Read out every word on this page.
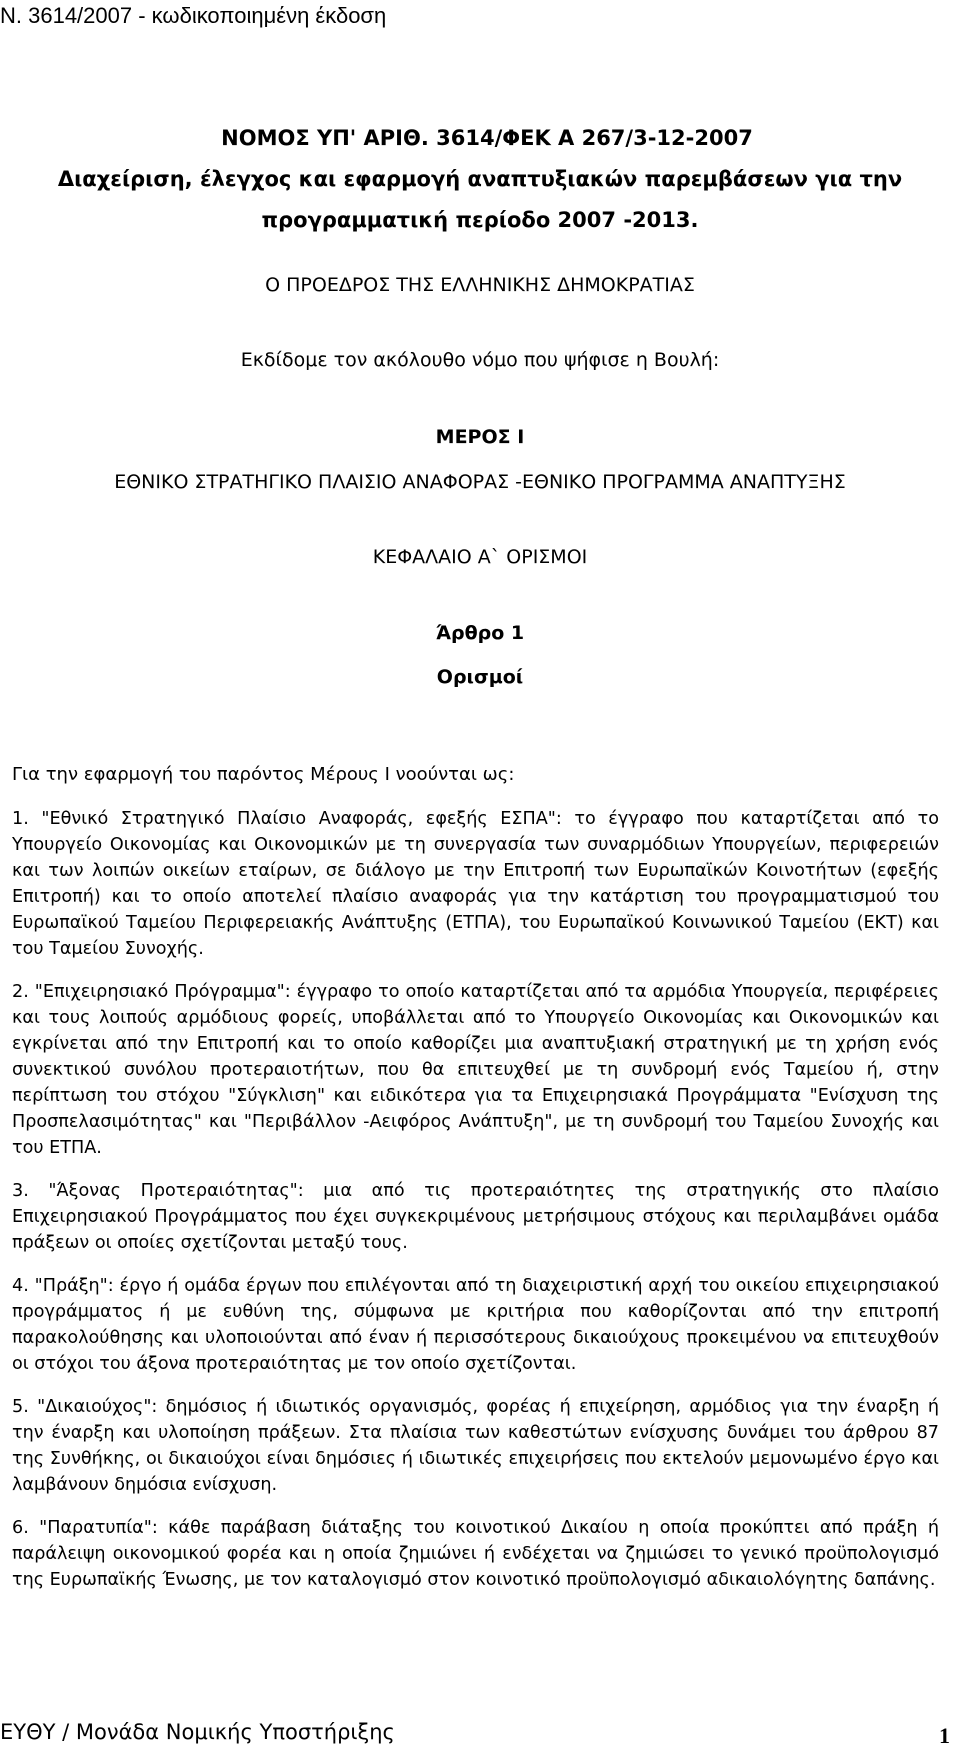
Ν. 3614/2007 - κωδικοποιημένη έκδοση
ΝΟΜΟΣ ΥΠ' ΑΡΙΘ. 3614/ΦΕΚ Α 267/3-12-2007
Διαχείριση, έλεγχος και εφαρμογή αναπτυξιακών παρεμβάσεων για την
προγραμματική περίοδο 2007 -2013.
Ο ΠΡΟΕΔΡΟΣ ΤΗΣ ΕΛΛΗΝΙΚΗΣ ΔΗΜΟΚΡΑΤΙΑΣ
Εκδίδομε τον ακόλουθο νόμο που ψήφισε η Βουλή:
ΜΕΡΟΣ Ι
ΕΘΝΙΚΟ ΣΤΡΑΤΗΓΙΚΟ ΠΛΑΙΣΙΟ ΑΝΑΦΟΡΑΣ -ΕΘΝΙΚΟ ΠΡΟΓΡΑΜΜΑ ΑΝΑΠΤΥΞΗΣ
ΚΕΦΑΛΑΙΟ Α` ΟΡΙΣΜΟΙ
Άρθρο 1
Ορισμοί
Για την εφαρμογή του παρόντος Μέρους Ι νοούνται ως:

1. "Εθνικό Στρατηγικό Πλαίσιο Αναφοράς, εφεξής ΕΣΠΑ": το έγγραφο που καταρτίζεται από το Υπουργείο Οικονομίας και Οικονομικών με τη συνεργασία των συναρμόδιων Υπουργείων, περιφερειών και των λοιπών οικείων εταίρων, σε διάλογο με την Επιτροπή των Ευρωπαϊκών Κοινοτήτων (εφεξής Επιτροπή) και το οποίο αποτελεί πλαίσιο αναφοράς για την κατάρτιση του προγραμματισμού του Ευρωπαϊκού Ταμείου Περιφερειακής Ανάπτυξης (ΕΤΠΑ), του Ευρωπαϊκού Κοινωνικού Ταμείου (ΕΚΤ) και του Ταμείου Συνοχής.

2. "Επιχειρησιακό Πρόγραμμα": έγγραφο το οποίο καταρτίζεται από τα αρμόδια Υπουργεία, περιφέρειες και τους λοιπούς αρμόδιους φορείς, υποβάλλεται από το Υπουργείο Οικονομίας και Οικονομικών και εγκρίνεται από την Επιτροπή και το οποίο καθορίζει μια αναπτυξιακή στρατηγική με τη χρήση ενός συνεκτικού συνόλου προτεραιοτήτων, που θα επιτευχθεί με τη συνδρομή ενός Ταμείου ή, στην περίπτωση του στόχου "Σύγκλιση" και ειδικότερα για τα Επιχειρησιακά Προγράμματα "Ενίσχυση της Προσπελασιμότητας" και "Περιβάλλον -Αειφόρος Ανάπτυξη", με τη συνδρομή του Ταμείου Συνοχής και του ΕΤΠΑ.

3. "Άξονας Προτεραιότητας": μια από τις προτεραιότητες της στρατηγικής στο πλαίσιο Επιχειρησιακού Προγράμματος που έχει συγκεκριμένους μετρήσιμους στόχους και περιλαμβάνει ομάδα πράξεων οι οποίες σχετίζονται μεταξύ τους.

4. "Πράξη": έργο ή ομάδα έργων που επιλέγονται από τη διαχειριστική αρχή του οικείου επιχειρησιακού προγράμματος ή με ευθύνη της, σύμφωνα με κριτήρια που καθορίζονται από την επιτροπή παρακολούθησης και υλοποιούνται από έναν ή περισσότερους δικαιούχους προκειμένου να επιτευχθούν οι στόχοι του άξονα προτεραιότητας με τον οποίο σχετίζονται.

5. "Δικαιούχος": δημόσιος ή ιδιωτικός οργανισμός, φορέας ή επιχείρηση, αρμόδιος για την έναρξη ή την έναρξη και υλοποίηση πράξεων. Στα πλαίσια των καθεστώτων ενίσχυσης δυνάμει του άρθρου 87 της Συνθήκης, οι δικαιούχοι είναι δημόσιες ή ιδιωτικές επιχειρήσεις που εκτελούν μεμονωμένο έργο και λαμβάνουν δημόσια ενίσχυση.

6. "Παρατυπία": κάθε παράβαση διάταξης του κοινοτικού Δικαίου η οποία προκύπτει από πράξη ή παράλειψη οικονομικού φορέα και η οποία ζημιώνει ή ενδέχεται να ζημιώσει το γενικό προϋπολογισμό της Ευρωπαϊκής Ένωσης, με τον καταλογισμό στον κοινοτικό προϋπολογισμό αδικαιολόγητης δαπάνης.

ΕΥΘΥ / Μονάδα Νομικής Υποστήριξης	1
